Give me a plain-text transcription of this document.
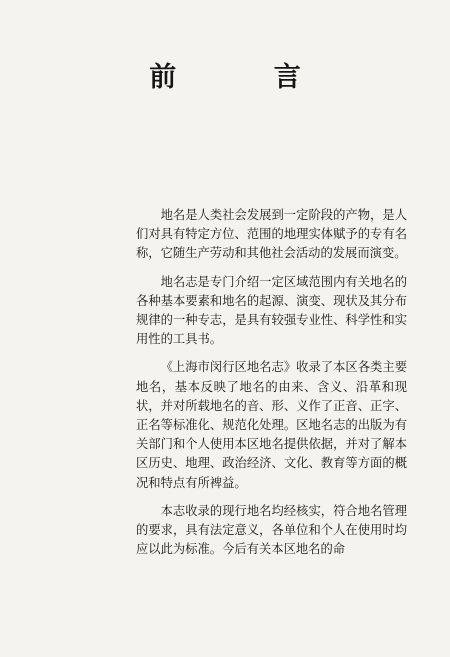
前 言

地名是人类社会发展到一定阶段的产物，是人们对具有特定方位、范围的地理实体赋予的专有名称，它随生产劳动和其他社会活动的发展而演变。

地名志是专门介绍一定区域范围内有关地名的各种基本要素和地名的起源、演变、现状及其分布规律的一种专志，是具有较强专业性、科学性和实用性的工具书。

《上海市闵行区地名志》收录了本区各类主要地名，基本反映了地名的由来、含义、沿革和现状，并对所载地名的音、形、义作了正音、正字、正名等标准化、规范化处理。区地名志的出版为有关部门和个人使用本区地名提供依据，并对了解本区历史、地理、政治经济、文化、教育等方面的概况和特点有所裨益。

本志收录的现行地名均经核实，符合地名管理的要求，具有法定意义，各单位和个人在使用时均应以此为标准。今后有关本区地名的命
